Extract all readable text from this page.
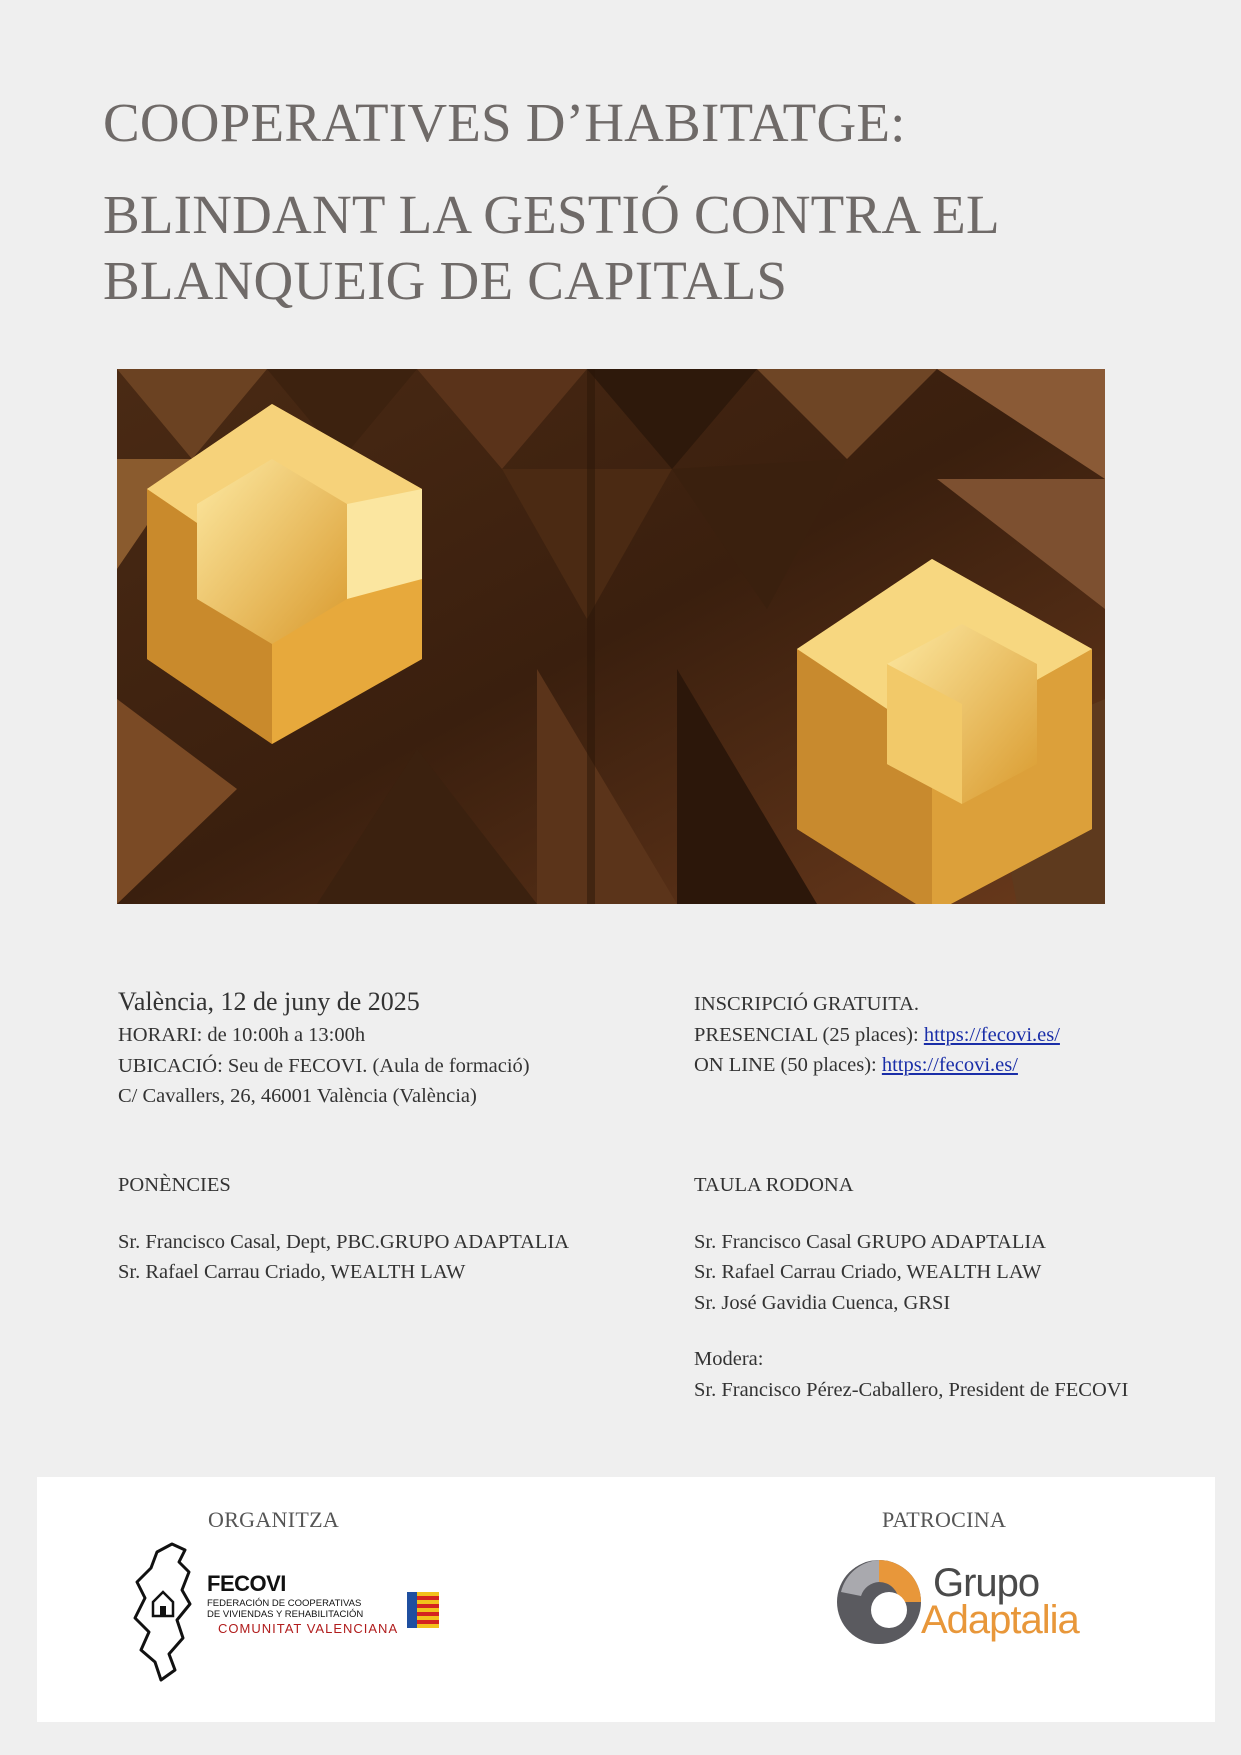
COOPERATIVES D’HABITATGE:
BLINDANT LA GESTIÓ CONTRA EL BLANQUEIG DE CAPITALS
València, 12 de juny de 2025
HORARI: de 10:00h a 13:00h
UBICACIÓ: Seu de FECOVI. (Aula de formació)
C/ Cavallers, 26, 46001 València (València)
INSCRIPCIÓ GRATUITA.
PRESENCIAL (25 places): https://fecovi.es/
ON LINE (50 places): https://fecovi.es/
PONÈNCIES
Sr. Francisco Casal, Dept, PBC.GRUPO ADAPTALIA
Sr. Rafael Carrau Criado, WEALTH LAW
TAULA RODONA
Sr. Francisco Casal GRUPO ADAPTALIA
Sr. Rafael Carrau Criado, WEALTH LAW
Sr. José Gavidia Cuenca, GRSI
Modera:
Sr. Francisco Pérez-Caballero, President de FECOVI
ORGANITZA	PATROCINA
FECOVI
FEDERACIÓN DE COOPERATIVAS DE VIVIENDAS Y REHABILITACIÓN
COMUNITAT VALENCIANA
Grupo
Adaptalia
